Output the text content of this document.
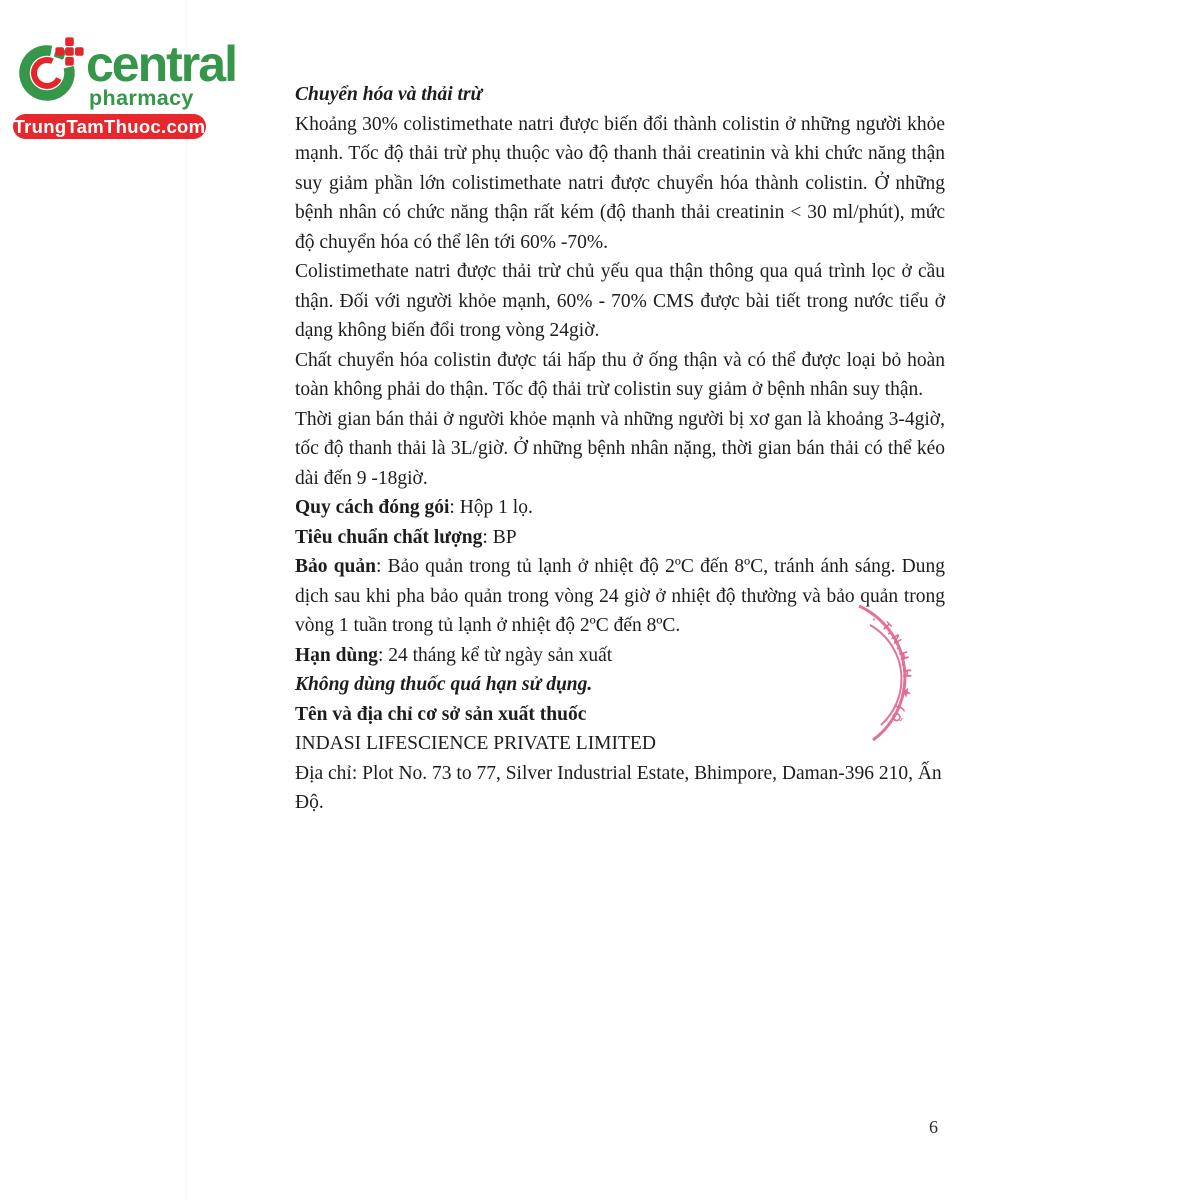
central
pharmacy
TrungTamThuoc.com

Chuyển hóa và thải trừ

Khoảng 30% colistimethate natri được biến đổi thành colistin ở những người khỏe mạnh. Tốc độ thải trừ phụ thuộc vào độ thanh thải creatinin và khi chức năng thận suy giảm phần lớn colistimethate natri được chuyển hóa thành colistin. Ở những bệnh nhân có chức năng thận rất kém (độ thanh thải creatinin < 30 ml/phút), mức độ chuyển hóa có thể lên tới 60% -70%.

Colistimethate natri được thải trừ chủ yếu qua thận thông qua quá trình lọc ở cầu thận. Đối với người khỏe mạnh, 60% - 70% CMS được bài tiết trong nước tiểu ở dạng không biến đổi trong vòng 24giờ.

Chất chuyển hóa colistin được tái hấp thu ở ống thận và có thể được loại bỏ hoàn toàn không phải do thận. Tốc độ thải trừ colistin suy giảm ở bệnh nhân suy thận.

Thời gian bán thải ở người khỏe mạnh và những người bị xơ gan là khoảng 3-4giờ, tốc độ thanh thải là 3L/giờ. Ở những bệnh nhân nặng, thời gian bán thải có thể kéo dài đến 9 -18giờ.

Quy cách đóng gói: Hộp 1 lọ.

Tiêu chuẩn chất lượng: BP

Bảo quản: Bảo quản trong tủ lạnh ở nhiệt độ 2ºC đến 8ºC, tránh ánh sáng. Dung dịch sau khi pha bảo quản trong vòng 24 giờ ở nhiệt độ thường và bảo quản trong vòng 1 tuần trong tủ lạnh ở nhiệt độ 2ºC đến 8ºC.

Hạn dùng: 24 tháng kể từ ngày sản xuất

Không dùng thuốc quá hạn sử dụng.

Tên và địa chỉ cơ sở sản xuất thuốc

INDASI LIFESCIENCE PRIVATE LIMITED

Địa chỉ: Plot No. 73 to 77, Silver Industrial Estate, Bhimpore, Daman-396 210, Ấn Độ.

. T.N.H.H ★ (Ồ
6
